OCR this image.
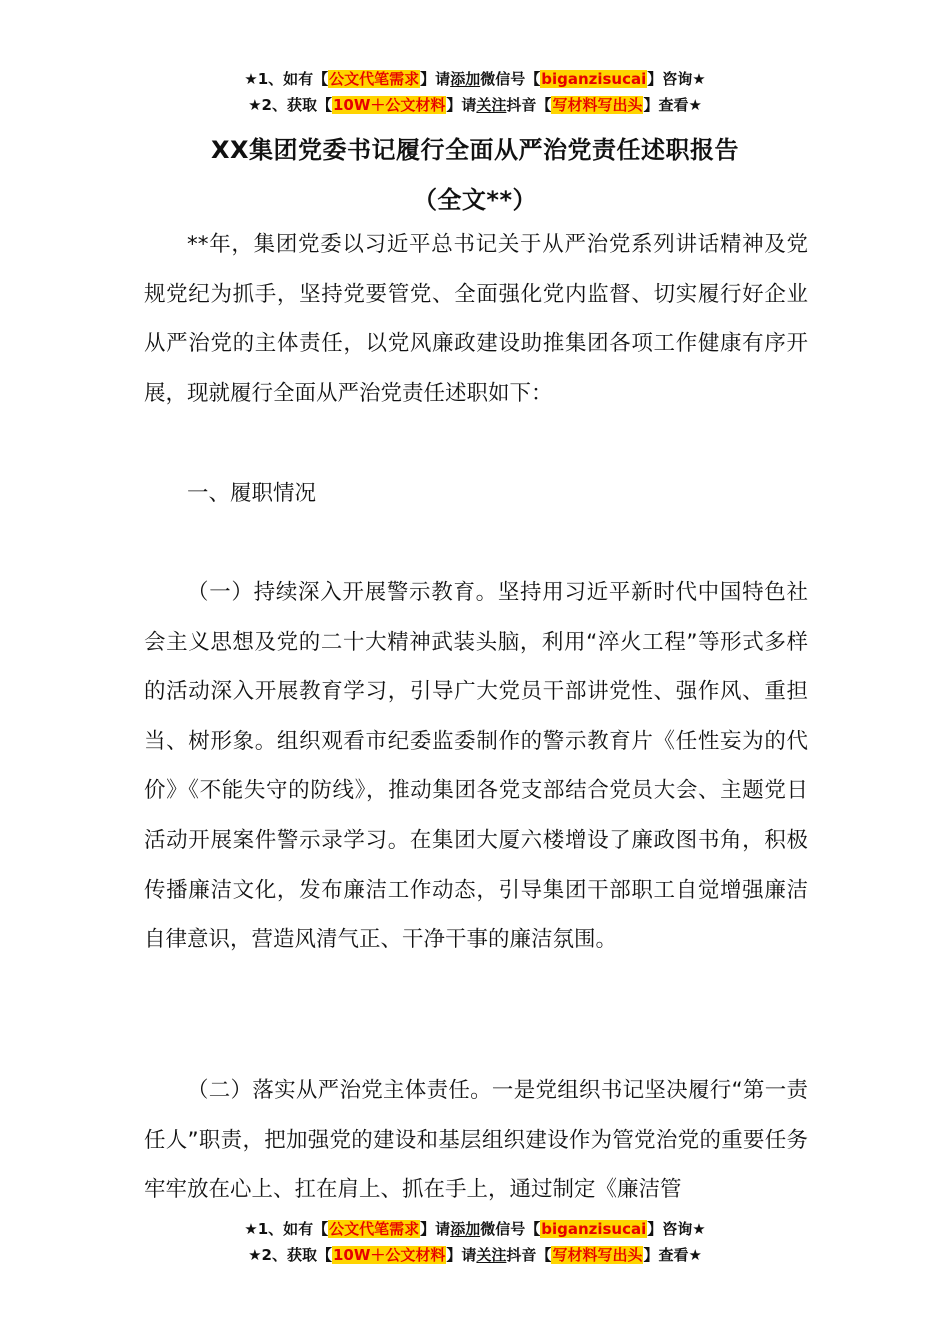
★1、如有【公文代笔需求】请添加微信号【biganzisucai】咨询★
★2、获取【10W＋公文材料】请关注抖音【写材料写出头】查看★
XX集团党委书记履行全面从严治党责任述职报告
（全文**）

**年，集团党委以习近平总书记关于从严治党系列讲话精神及党规党纪为抓手，坚持党要管党、全面强化党内监督、切实履行好企业从严治党的主体责任，以党风廉政建设助推集团各项工作健康有序开展，现就履行全面从严治党责任述职如下：

一、履职情况

（一）持续深入开展警示教育。坚持用习近平新时代中国特色社会主义思想及党的二十大精神武装头脑，利用“淬火工程”等形式多样的活动深入开展教育学习，引导广大党员干部讲党性、强作风、重担当、树形象。组织观看市纪委监委制作的警示教育片《任性妄为的代价》《不能失守的防线》，推动集团各党支部结合党员大会、主题党日活动开展案件警示录学习。在集团大厦六楼增设了廉政图书角，积极传播廉洁文化，发布廉洁工作动态，引导集团干部职工自觉增强廉洁自律意识，营造风清气正、干净干事的廉洁氛围。

（二）落实从严治党主体责任。一是党组织书记坚决履行“第一责任人”职责，把加强党的建设和基层组织建设作为管党治党的重要任务牢牢放在心上、扛在肩上、抓在手上，通过制定《廉洁管

★1、如有【公文代笔需求】请添加微信号【biganzisucai】咨询★
★2、获取【10W＋公文材料】请关注抖音【写材料写出头】查看★
